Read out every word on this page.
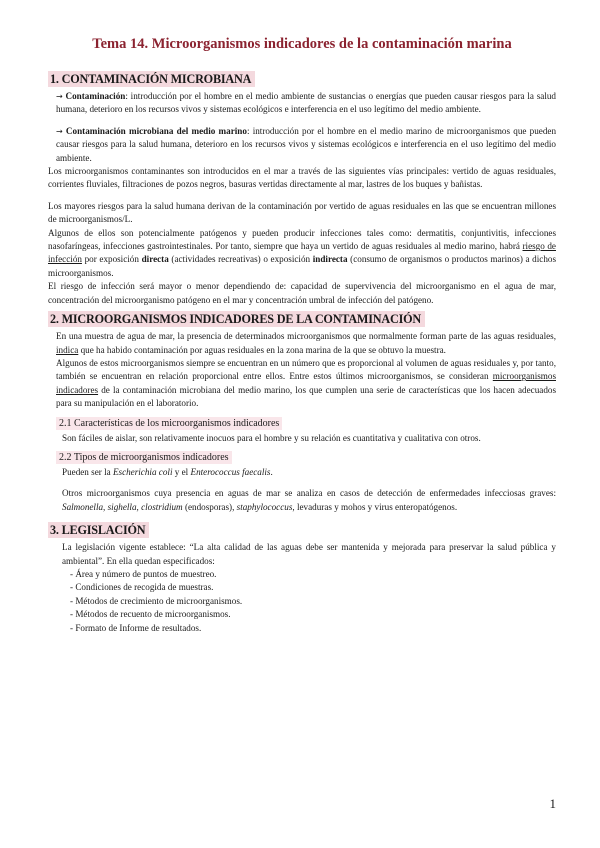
Tema 14. Microorganismos indicadores de la contaminación marina
1. CONTAMINACIÓN MICROBIANA

→ Contaminación: introducción por el hombre en el medio ambiente de sustancias o energías que pueden causar riesgos para la salud humana, deterioro en los recursos vivos y sistemas ecológicos e interferencia en el uso legítimo del medio ambiente.

→ Contaminación microbiana del medio marino: introducción por el hombre en el medio marino de microorganismos que pueden causar riesgos para la salud humana, deterioro en los recursos vivos y sistemas ecológicos e interferencia en el uso legítimo del medio ambiente.

Los microorganismos contaminantes son introducidos en el mar a través de las siguientes vías principales: vertido de aguas residuales, corrientes fluviales, filtraciones de pozos negros, basuras vertidas directamente al mar, lastres de los buques y bañistas.

Los mayores riesgos para la salud humana derivan de la contaminación por vertido de aguas residuales en las que se encuentran millones de microorganismos/L.

Algunos de ellos son potencialmente patógenos y pueden producir infecciones tales como: dermatitis, conjuntivitis, infecciones nasofaríngeas, infecciones gastrointestinales. Por tanto, siempre que haya un vertido de aguas residuales al medio marino, habrá riesgo de infección por exposición directa (actividades recreativas) o exposición indirecta (consumo de organismos o productos marinos) a dichos microorganismos.

El riesgo de infección será mayor o menor dependiendo de: capacidad de supervivencia del microorganismo en el agua de mar, concentración del microorganismo patógeno en el mar y concentración umbral de infección del patógeno.

2. MICROORGANISMOS INDICADORES DE LA CONTAMINACIÓN

En una muestra de agua de mar, la presencia de determinados microorganismos que normalmente forman parte de las aguas residuales, indica que ha habido contaminación por aguas residuales en la zona marina de la que se obtuvo la muestra.

Algunos de estos microorganismos siempre se encuentran en un número que es proporcional al volumen de aguas residuales y, por tanto, también se encuentran en relación proporcional entre ellos. Entre estos últimos microorganismos, se consideran microorganismos indicadores de la contaminación microbiana del medio marino, los que cumplen una serie de características que los hacen adecuados para su manipulación en el laboratorio.

2.1 Características de los microorganismos indicadores

Son fáciles de aislar, son relativamente inocuos para el hombre y su relación es cuantitativa y cualitativa con otros.

2.2 Tipos de microorganismos indicadores

Pueden ser la Escherichia coli y el Enterococcus faecalis.

Otros microorganismos cuya presencia en aguas de mar se analiza en casos de detección de enfermedades infecciosas graves: Salmonella, sighella, clostridium (endosporas), staphylococcus, levaduras y mohos y virus enteropatógenos.

3. LEGISLACIÓN

La legislación vigente establece: “La alta calidad de las aguas debe ser mantenida y mejorada para preservar la salud pública y ambiental”. En ella quedan especificados:

- Área y número de puntos de muestreo.
- Condiciones de recogida de muestras.
- Métodos de crecimiento de microorganismos.
- Métodos de recuento de microorganismos.
- Formato de Informe de resultados.
1
